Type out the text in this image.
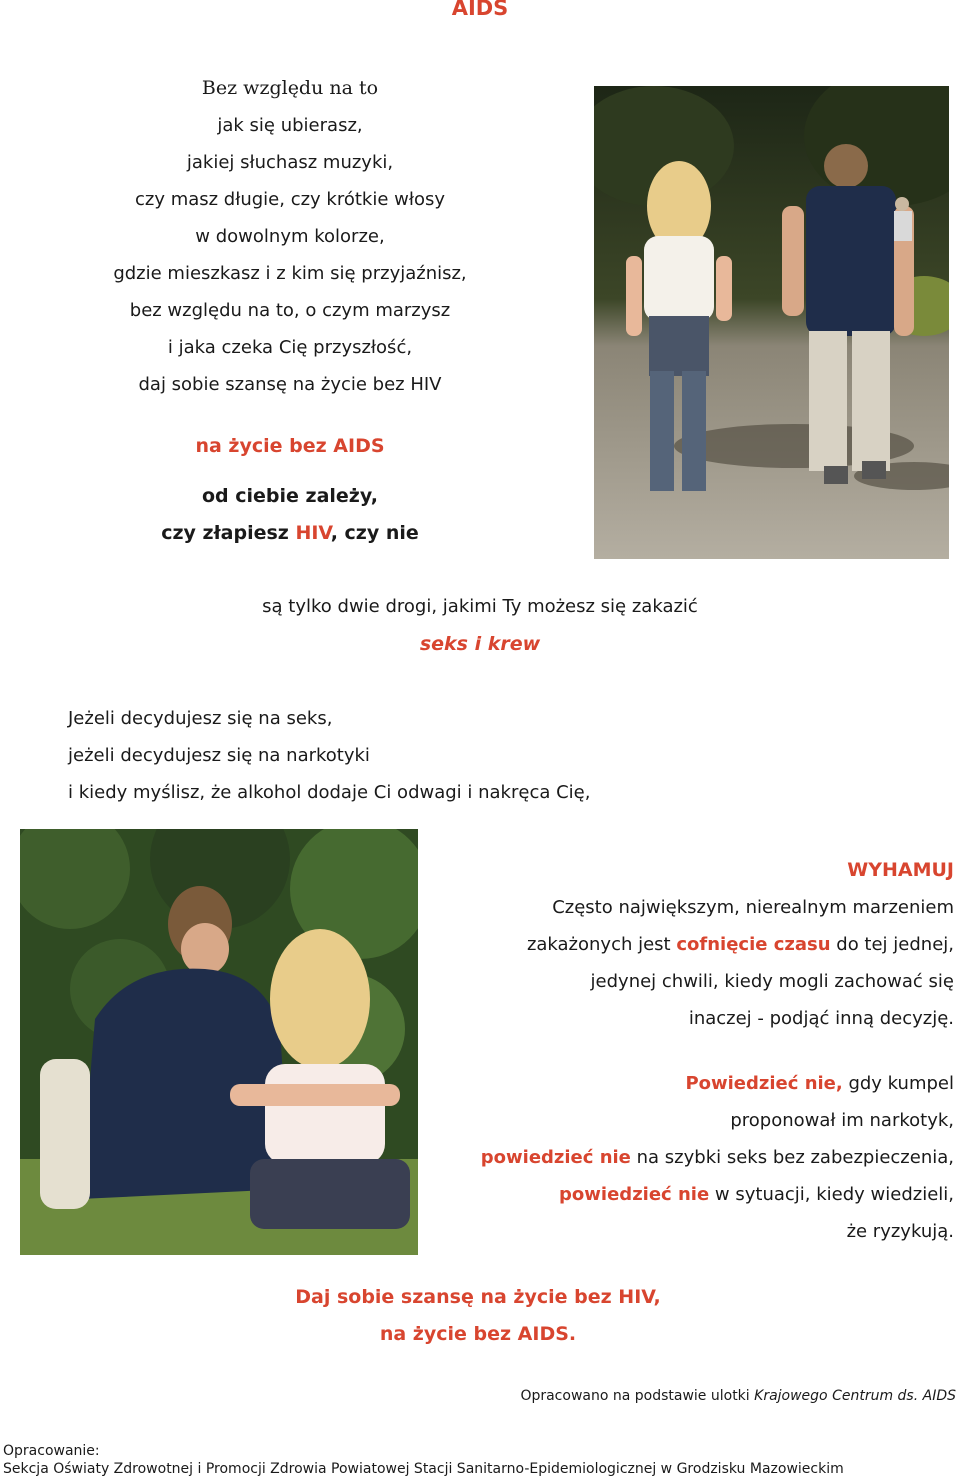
AIDS
Bez względu na to
jak się ubierasz,
jakiej słuchasz muzyki,
czy masz długie, czy krótkie włosy
w dowolnym kolorze,
gdzie mieszkasz i z kim się przyjaźnisz,
bez względu na to, o czym marzysz
i jaka czeka Cię przyszłość,
daj sobie szansę na życie bez HIV
na życie bez AIDS
od ciebie zależy,
czy złapiesz HIV, czy nie
są tylko dwie drogi, jakimi Ty możesz się zakazić
seks i krew
Jeżeli decydujesz się na seks,
jeżeli decydujesz się na narkotyki
i kiedy myślisz, że alkohol dodaje Ci odwagi i nakręca Cię,
WYHAMUJ
Często największym, nierealnym marzeniem
zakażonych jest cofnięcie czasu do tej jednej,
jedynej chwili, kiedy mogli zachować się
inaczej - podjąć inną decyzję.
Powiedzieć nie, gdy kumpel
proponował im narkotyk,
powiedzieć nie na szybki seks bez zabezpieczenia,
powiedzieć nie w sytuacji, kiedy wiedzieli,
że ryzykują.
Daj sobie szansę na życie bez HIV,
na życie bez AIDS.
Opracowano na podstawie ulotki Krajowego Centrum ds. AIDS
Opracowanie:
Sekcja Oświaty Zdrowotnej i Promocji Zdrowia Powiatowej Stacji Sanitarno-Epidemiologicznej w Grodzisku Mazowieckim
